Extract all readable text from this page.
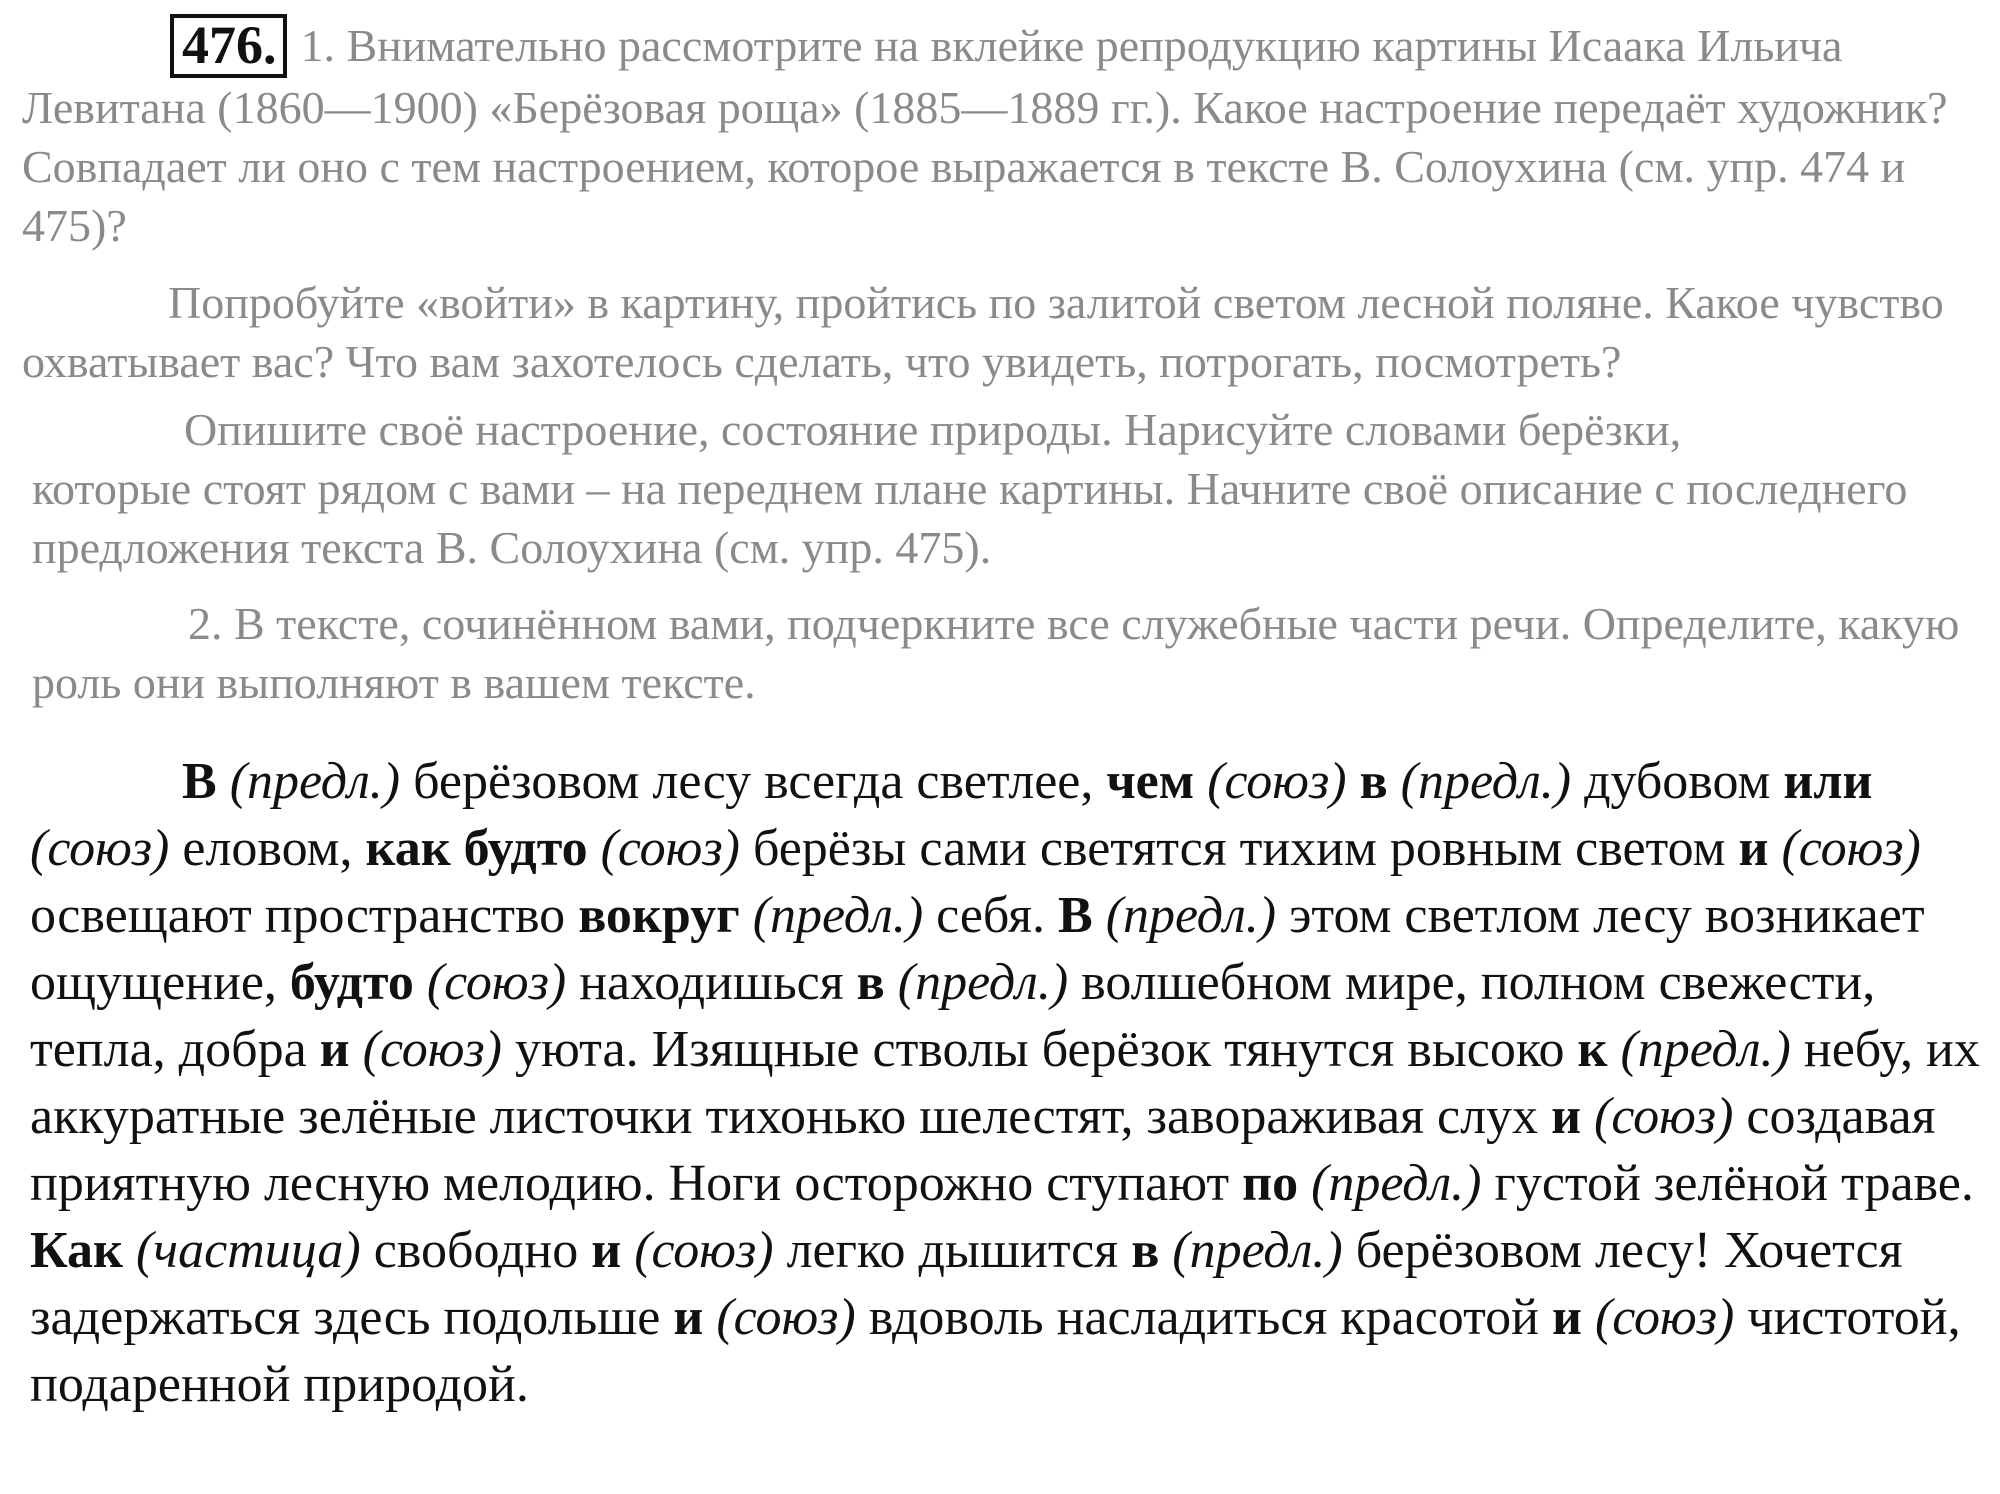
476. 1. Внимательно рассмотрите на вклейке репродукцию картины Исаака Ильича Левитана (1860—1900) «Берёзовая роща» (1885—1889 гг.). Какое настроение передаёт художник? Совпадает ли оно с тем настроением, которое выражается в тексте В. Солоухина (см. упр. 474 и 475)?

Попробуйте «войти» в картину, пройтись по залитой светом лесной поляне. Какое чувство охватывает вас? Что вам захотелось сделать, что увидеть, потрогать, посмотреть?

Опишите своё настроение, состояние природы. Нарисуйте словами берёзки,
которые стоят рядом с вами – на переднем плане картины. Начните своё описание с последнего предложения текста В. Солоухина (см. упр. 475).

2. В тексте, сочинённом вами, подчеркните все служебные части речи. Определите, какую роль они выполняют в вашем тексте.

В (предл.) берёзовом лесу всегда светлее, чем (союз) в (предл.) дубовом или (союз) еловом, как будто (союз) берёзы сами светятся тихим ровным светом и (союз) освещают пространство вокруг (предл.) себя. В (предл.) этом светлом лесу возникает ощущение, будто (союз) находишься в (предл.) волшебном мире, полном свежести, тепла, добра и (союз) уюта. Изящные стволы берёзок тянутся высоко к (предл.) небу, их аккуратные зелёные листочки тихонько шелестят, завораживая слух и (союз) создавая приятную лесную мелодию. Ноги осторожно ступают по (предл.) густой зелёной траве. Как (частица) свободно и (союз) легко дышится в (предл.) берёзовом лесу! Хочется задержаться здесь подольше и (союз) вдоволь насладиться красотой и (союз) чистотой, подаренной природой.
